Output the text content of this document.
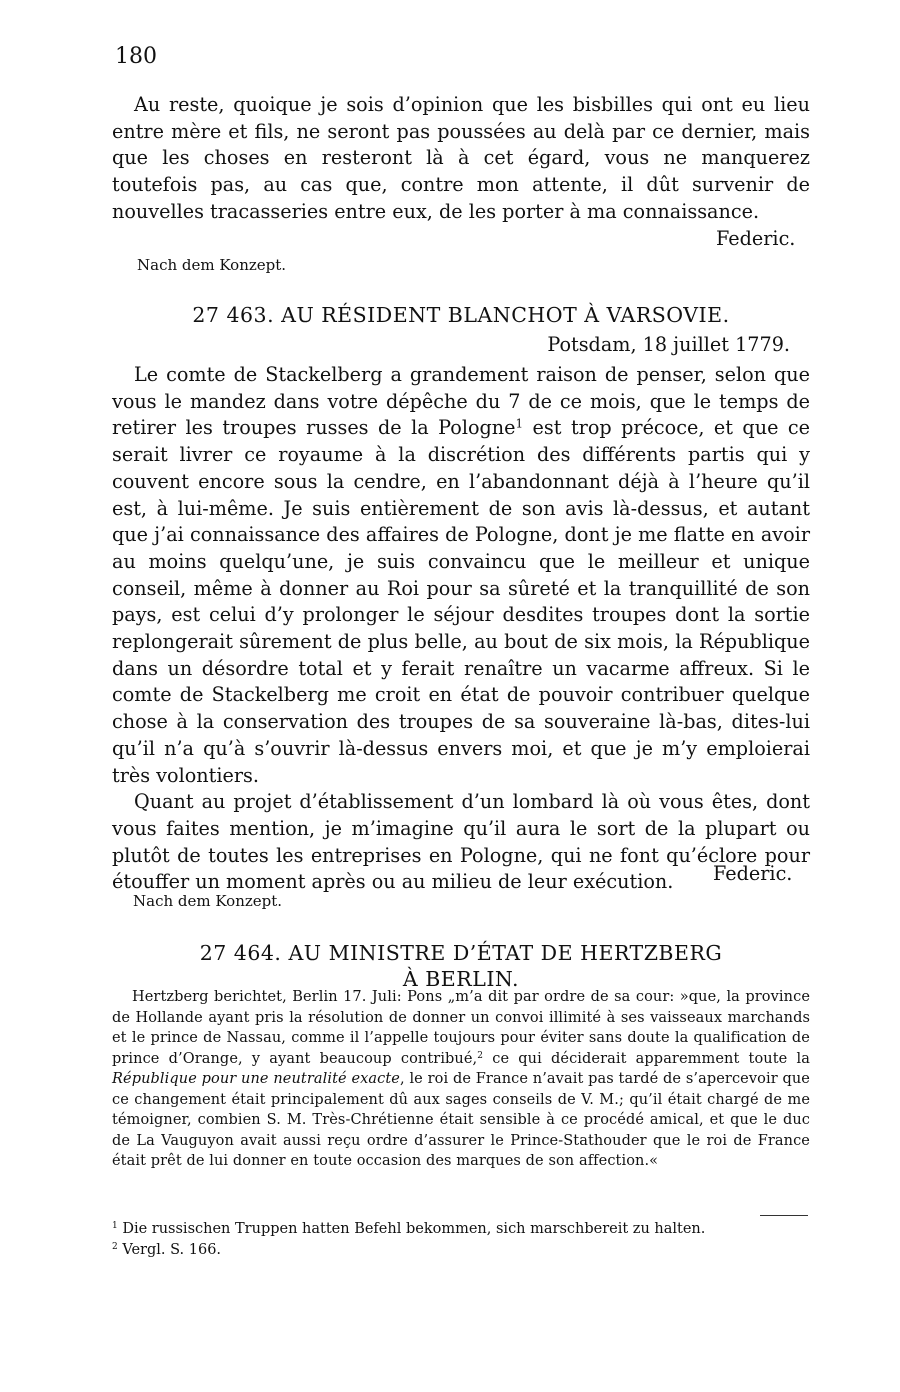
180

Au reste, quoique je sois d’opinion que les bisbilles qui ont eu lieu entre mère et fils, ne seront pas poussées au delà par ce dernier, mais que les choses en resteront là à cet égard, vous ne manquerez toutefois pas, au cas que, contre mon attente, il dût survenir de nouvelles tracasseries entre eux, de les porter à ma connaissance.

Federic.
Nach dem Konzept.
27 463. AU RÉSIDENT BLANCHOT À VARSOVIE.
Potsdam, 18 juillet 1779.

Le comte de Stackelberg a grandement raison de penser, selon que vous le mandez dans votre dépêche du 7 de ce mois, que le temps de retirer les troupes russes de la Pologne$^1$ est trop précoce, et que ce serait livrer ce royaume à la discrétion des différents partis qui y couvent encore sous la cendre, en l’abandonnant déjà à l’heure qu’il est, à lui-même. Je suis entièrement de son avis là-dessus, et autant que j’ai connaissance des affaires de Pologne, dont je me flatte en avoir au moins quelqu’une, je suis convaincu que le meilleur et unique conseil, même à donner au Roi pour sa sûreté et la tranquillité de son pays, est celui d’y prolonger le séjour desdites troupes dont la sortie replongerait sûrement de plus belle, au bout de six mois, la République dans un désordre total et y ferait renaître un vacarme affreux. Si le comte de Stackelberg me croit en état de pouvoir contribuer quelque chose à la conservation des troupes de sa souveraine là-bas, dites-lui qu’il n’a qu’à s’ouvrir là-dessus envers moi, et que je m’y emploierai très volontiers.

Quant au projet d’établissement d’un lombard là où vous êtes, dont vous faites mention, je m’imagine qu’il aura le sort de la plupart ou plutôt de toutes les entreprises en Pologne, qui ne font qu’éclore pour étouffer un moment après ou au milieu de leur exécution.	Federic.
Nach dem Konzept.
27 464. AU MINISTRE D’ÉTAT DE HERTZBERG
À BERLIN.

Hertzberg berichtet, Berlin 17. Juli: Pons „m’a dit par ordre de sa cour: »que, la province de Hollande ayant pris la résolution de donner un convoi illimité à ses vaisseaux marchands et le prince de Nassau, comme il l’appelle toujours pour éviter sans doute la qualification de prince d’Orange, y ayant beaucoup contribué,$^2$ ce qui déciderait apparemment toute la République pour une neutralité exacte, le roi de France n’avait pas tardé de s’apercevoir que ce changement était principalement dû aux sages conseils de V. M.; qu’il était chargé de me témoigner, combien S. M. Très-Chrétienne était sensible à ce procédé amical, et que le duc de La Vauguyon avait aussi reçu ordre d’assurer le Prince-Stathouder que le roi de France était prêt de lui donner en toute occasion des marques de son affection.«

$^1$ Die russischen Truppen hatten Befehl bekommen, sich marschbereit zu halten.

$^2$ Vergl. S. 166.
